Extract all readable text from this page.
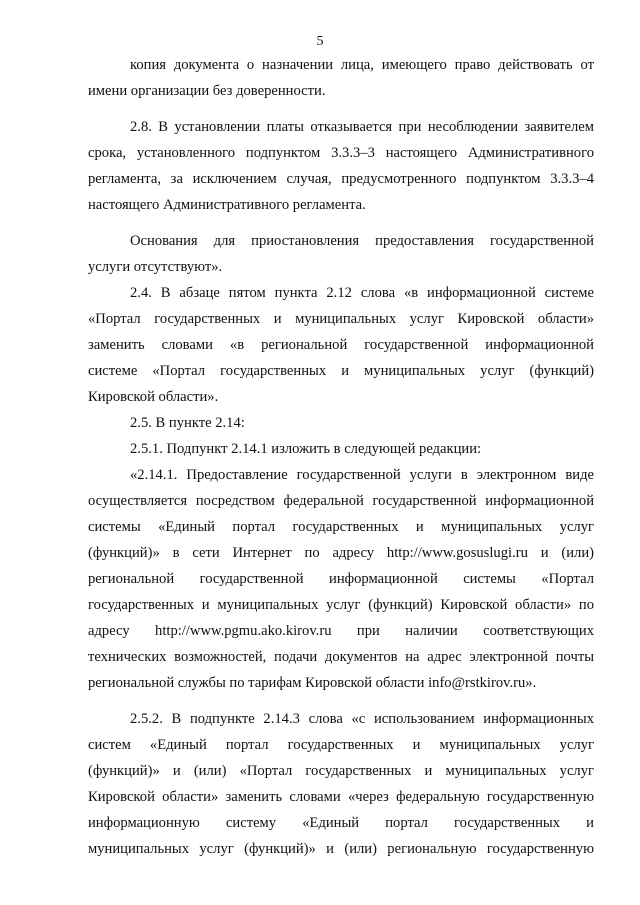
5
копия документа о назначении лица, имеющего право действовать от
имени организации без доверенности.
2.8. В установлении платы отказывается при несоблюдении заявителем
срока, установленного подпунктом 3.3.3–3 настоящего Административного
регламента, за исключением случая, предусмотренного подпунктом 3.3.3–4
настоящего Административного регламента.
Основания для приостановления предоставления государственной
услуги отсутствуют».
2.4. В абзаце пятом пункта 2.12 слова «в информационной системе
«Портал государственных и муниципальных услуг Кировской области»
заменить словами «в региональной государственной информационной
системе «Портал государственных и муниципальных услуг (функций)
Кировской области».
2.5. В пункте 2.14:
2.5.1. Подпункт 2.14.1 изложить в следующей редакции:
«2.14.1. Предоставление государственной услуги в электронном виде
осуществляется посредством федеральной государственной информационной
системы «Единый портал государственных и муниципальных услуг
(функций)» в сети Интернет по адресу http://www.gosuslugi.ru и (или)
региональной государственной информационной системы «Портал
государственных и муниципальных услуг (функций) Кировской области» по
адресу http://www.pgmu.ako.kirov.ru при наличии соответствующих
технических возможностей, подачи документов на адрес электронной почты
региональной службы по тарифам Кировской области info@rstkirov.ru».
2.5.2. В подпункте 2.14.3 слова «с использованием информационных
систем «Единый портал государственных и муниципальных услуг
(функций)» и (или) «Портал государственных и муниципальных услуг
Кировской области» заменить словами «через федеральную государственную
информационную систему «Единый портал государственных и
муниципальных услуг (функций)» и (или) региональную государственную
